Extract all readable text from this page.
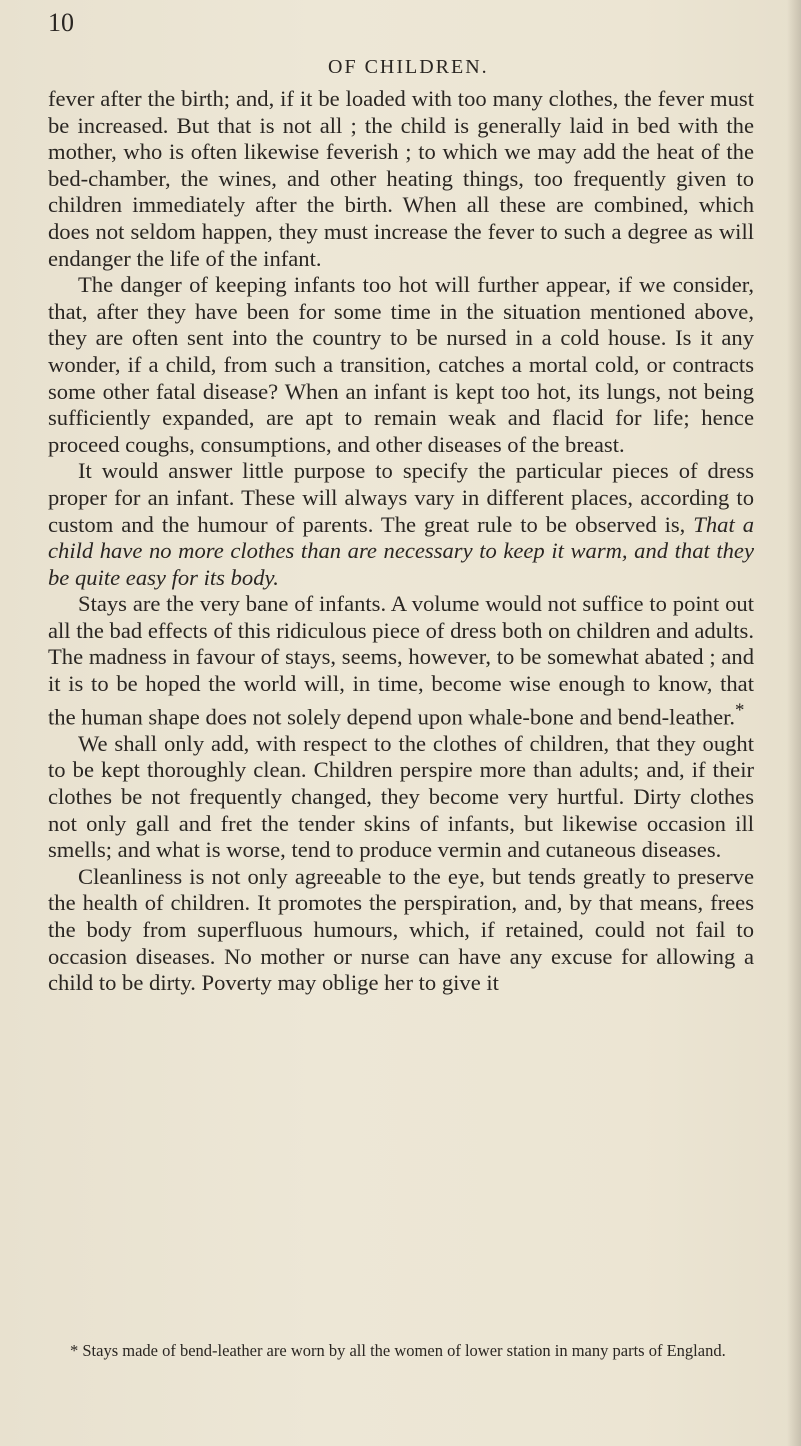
10
OF CHILDREN.

fever after the birth; and, if it be loaded with too many clothes, the fever must be increased. But that is not all ; the child is generally laid in bed with the mother, who is often likewise feverish ; to which we may add the heat of the bed-chamber, the wines, and other heating things, too frequently given to children immediately after the birth. When all these are combined, which does not seldom happen, they must increase the fever to such a degree as will endanger the life of the infant.

The danger of keeping infants too hot will further appear, if we consider, that, after they have been for some time in the situation mentioned above, they are often sent into the country to be nursed in a cold house. Is it any wonder, if a child, from such a transition, catches a mortal cold, or contracts some other fatal disease? When an infant is kept too hot, its lungs, not being sufficiently expanded, are apt to remain weak and flacid for life; hence proceed coughs, consumptions, and other diseases of the breast.

It would answer little purpose to specify the particular pieces of dress proper for an infant. These will always vary in different places, according to custom and the humour of parents. The great rule to be observed is, That a child have no more clothes than are necessary to keep it warm, and that they be quite easy for its body.

Stays are the very bane of infants. A volume would not suffice to point out all the bad effects of this ridiculous piece of dress both on children and adults. The madness in favour of stays, seems, however, to be somewhat abated ; and it is to be hoped the world will, in time, become wise enough to know, that the human shape does not solely depend upon whale-bone and bend-leather.*

We shall only add, with respect to the clothes of children, that they ought to be kept thoroughly clean. Children perspire more than adults; and, if their clothes be not frequently changed, they become very hurtful. Dirty clothes not only gall and fret the tender skins of infants, but likewise occasion ill smells; and what is worse, tend to produce vermin and cutaneous diseases.

Cleanliness is not only agreeable to the eye, but tends greatly to preserve the health of children. It promotes the perspiration, and, by that means, frees the body from superfluous humours, which, if retained, could not fail to occasion diseases. No mother or nurse can have any excuse for allowing a child to be dirty. Poverty may oblige her to give it

* Stays made of bend-leather are worn by all the women of lower station in many parts of England.
